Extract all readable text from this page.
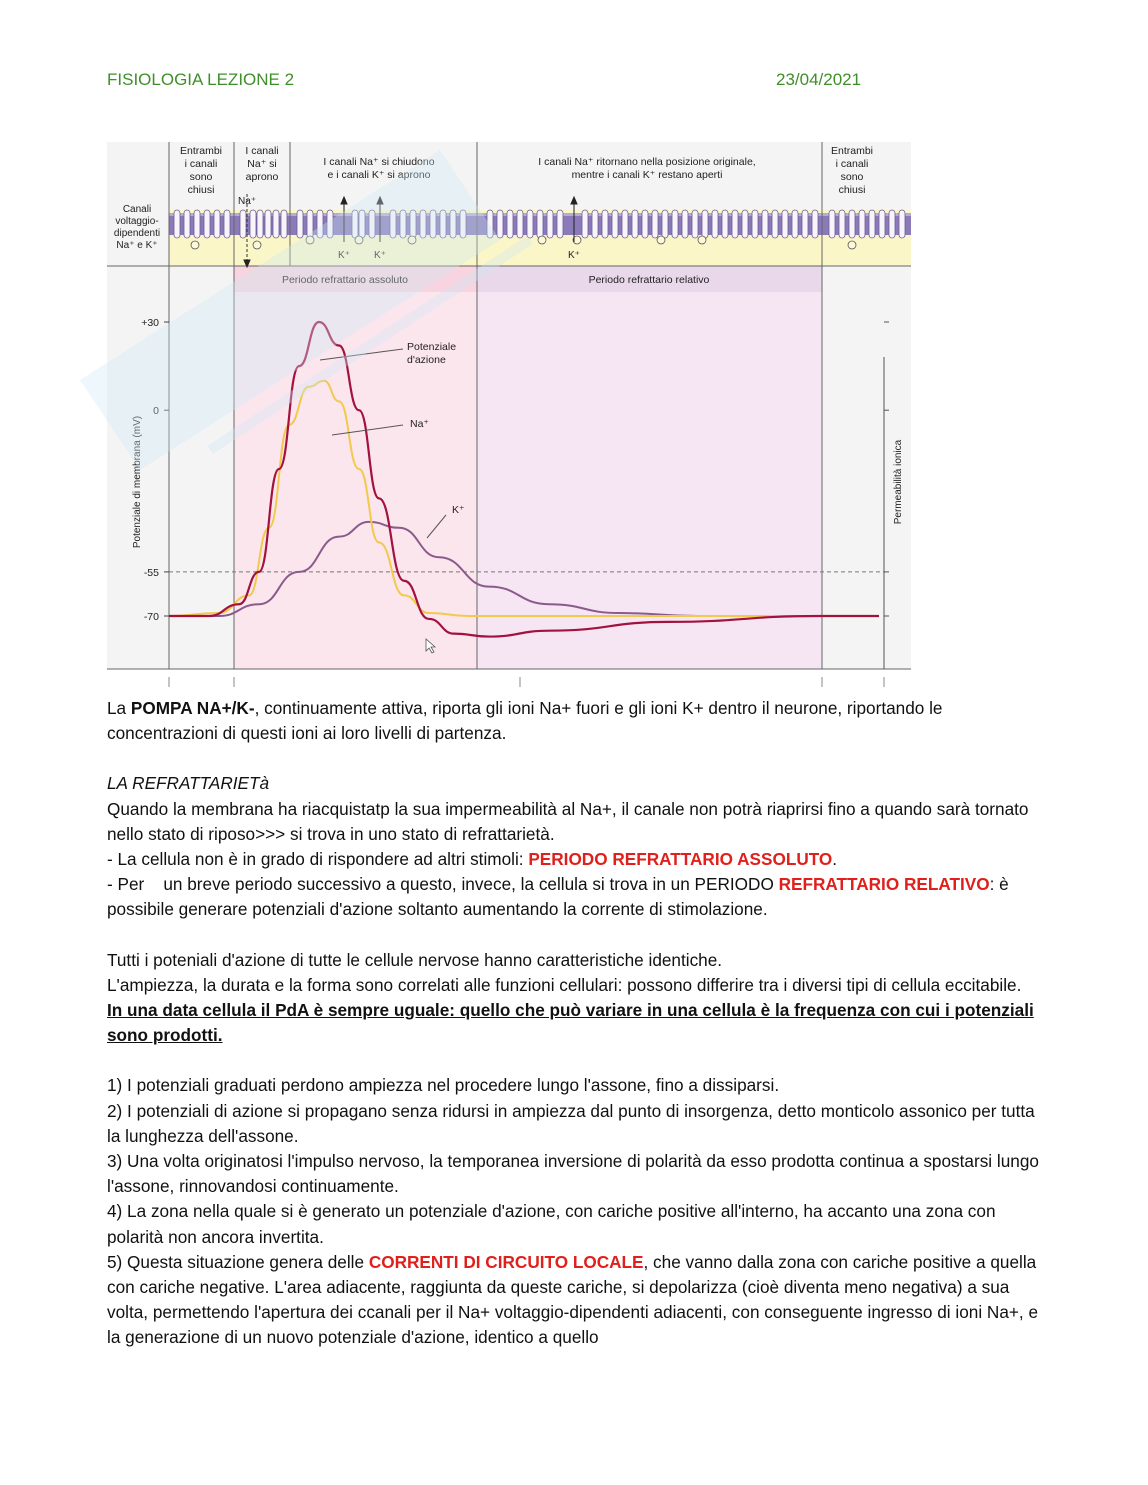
FISIOLOGIA LEZIONE 2	23/04/2021
Entrambi i canali sono chiusi
I canali Na⁺ si aprono
I canali Na⁺ si chiudono e i canali K⁺ si aprono
I canali Na⁺ ritornano nella posizione originale, mentre i canali K⁺ restano aperti
Entrambi i canali sono chiusi
Canali voltaggio-dipendenti Na⁺ e K⁺
Na⁺
K⁺ K⁺	K⁺
Periodo refrattario assoluto	Periodo refrattario relativo
+30
0
-55
-70
Potenziale di membrana (mV)	Permeabilità ionica
Potenziale d'azione
Na⁺
K⁺

La POMPA NA+/K-, continuamente attiva, riporta gli ioni Na+ fuori e gli ioni K+ dentro il neurone, riportando le concentrazioni di questi ioni ai loro livelli di partenza.

LA REFRATTARIETà

Quando la membrana ha riacquistatp la sua impermeabilità al Na+, il canale non potrà riaprirsi fino a quando sarà tornato nello stato di riposo>>> si trova in uno stato di refrattarietà.

- La cellula non è in grado di rispondere ad altri stimoli: PERIODO REFRATTARIO ASSOLUTO.

- Per    un breve periodo successivo a questo, invece, la cellula si trova in un PERIODO REFRATTARIO RELATIVO: è possibile generare potenziali d'azione soltanto aumentando la corrente di stimolazione.

Tutti i poteniali d'azione di tutte le cellule nervose hanno caratteristiche identiche.

L'ampiezza, la durata e la forma sono correlati alle funzioni cellulari: possono differire tra i diversi tipi di cellula eccitabile.

In una data cellula il PdA è sempre uguale: quello che può variare in una cellula è la frequenza con cui i potenziali sono prodotti.

1) I potenziali graduati perdono ampiezza nel procedere lungo l'assone, fino a dissiparsi.

2) I potenziali di azione si propagano senza ridursi in ampiezza dal punto di insorgenza, detto monticolo assonico per tutta la lunghezza dell'assone.

3) Una volta originatosi l'impulso nervoso, la temporanea inversione di polarità da esso prodotta continua a spostarsi lungo l'assone, rinnovandosi continuamente.

4) La zona nella quale si è generato un potenziale d'azione, con cariche positive all'interno, ha accanto una zona con polarità non ancora invertita.

5) Questa situazione genera delle CORRENTI DI CIRCUITO LOCALE, che vanno dalla zona con cariche positive a quella con cariche negative. L'area adiacente, raggiunta da queste cariche, si depolarizza (cioè diventa meno negativa) a sua volta, permettendo l'apertura dei ccanali per il Na+ voltaggio-dipendenti adiacenti, con conseguente ingresso di ioni Na+, e la generazione di un nuovo potenziale d'azione, identico a quello
